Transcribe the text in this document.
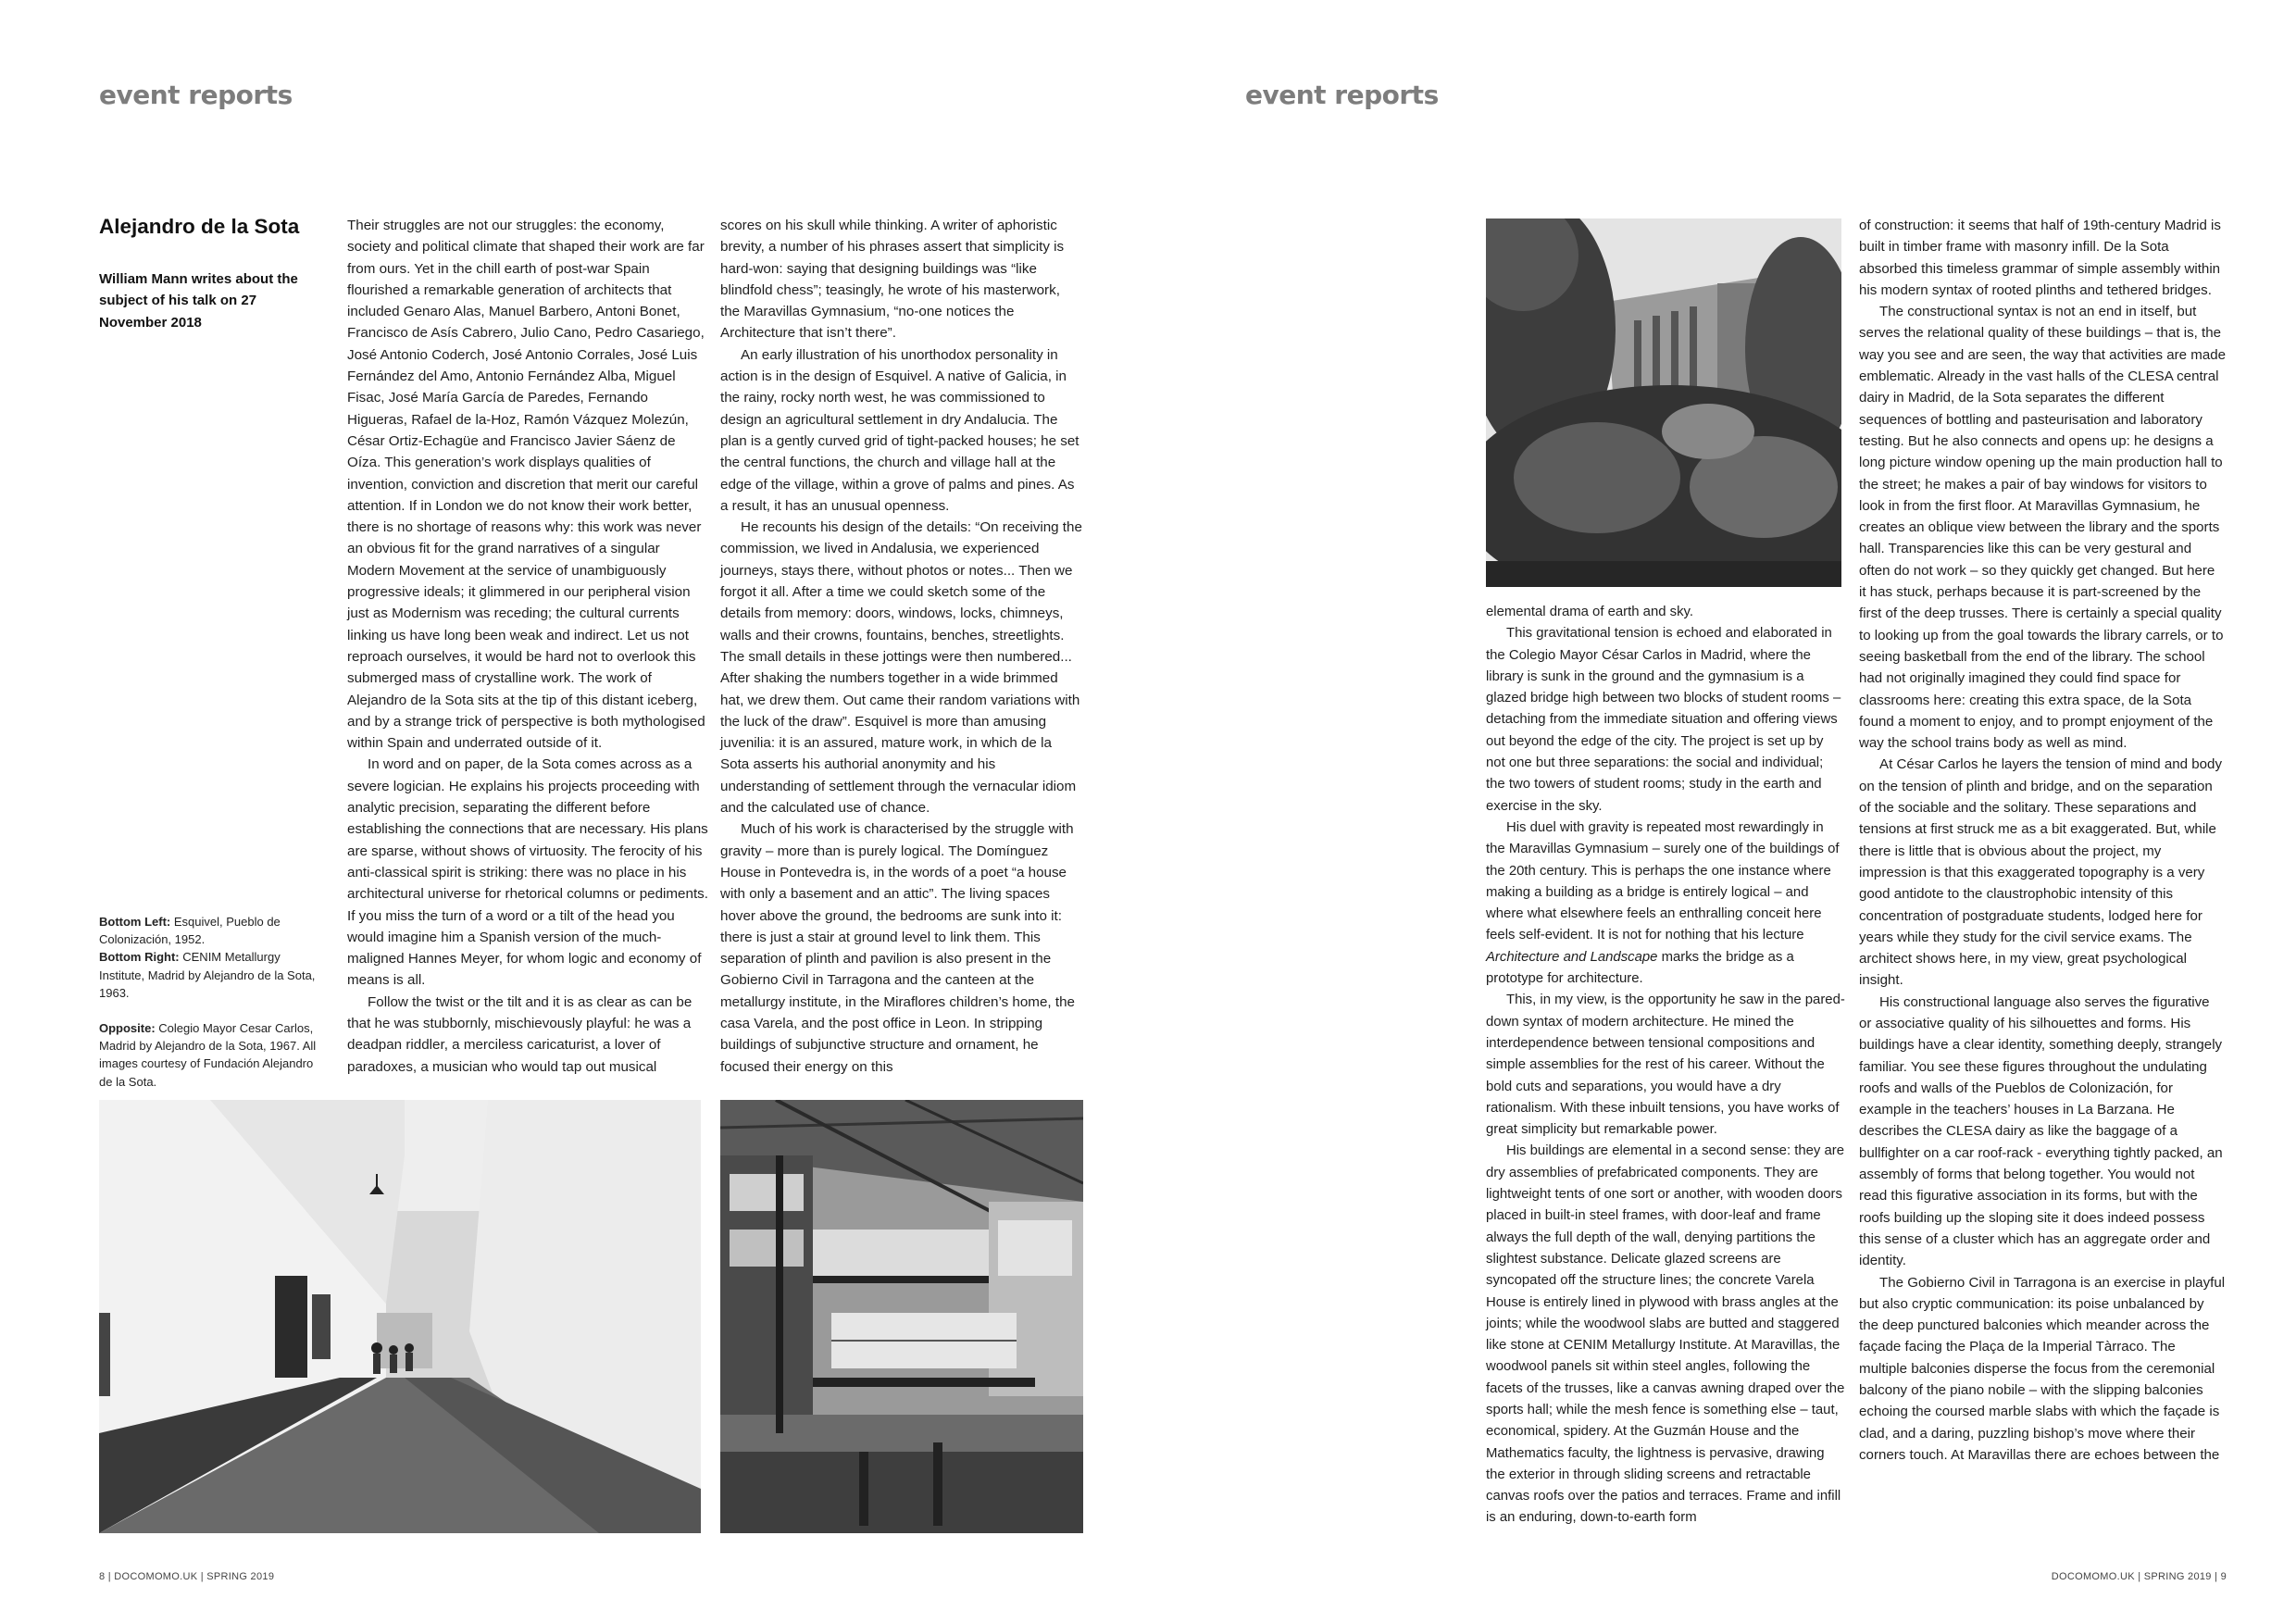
event reports
Alejandro de la Sota
William Mann writes about the subject of his talk on 27 November 2018

Bottom Left: Esquivel, Pueblo de Colonización, 1952.
Bottom Right: CENIM Metallurgy Institute, Madrid by Alejandro de la Sota, 1963.

Opposite: Colegio Mayor Cesar Carlos, Madrid by Alejandro de la Sota, 1967. All images courtesy of Fundación Alejandro de la Sota.

Their struggles are not our struggles: the economy, society and political climate that shaped their work are far from ours. Yet in the chill earth of post-war Spain flourished a remarkable generation of architects that included Genaro Alas, Manuel Barbero, Antoni Bonet, Francisco de Asís Cabrero, Julio Cano, Pedro Casariego, José Antonio Coderch, José Antonio Corrales, José Luis Fernández del Amo, Antonio Fernández Alba, Miguel Fisac, José María García de Paredes, Fernando Higueras, Rafael de la-Hoz, Ramón Vázquez Molezún, César Ortiz-Echagüe and Francisco Javier Sáenz de Oíza. This generation’s work displays qualities of invention, conviction and discretion that merit our careful attention. If in London we do not know their work better, there is no shortage of reasons why: this work was never an obvious fit for the grand narratives of a singular Modern Movement at the service of unambiguously progressive ideals; it glimmered in our peripheral vision just as Modernism was receding; the cultural currents linking us have long been weak and indirect. Let us not reproach ourselves, it would be hard not to overlook this submerged mass of crystalline work. The work of Alejandro de la Sota sits at the tip of this distant iceberg, and by a strange trick of perspective is both mythologised within Spain and underrated outside of it.

In word and on paper, de la Sota comes across as a severe logician. He explains his projects proceeding with analytic precision, separating the different before establishing the connections that are necessary. His plans are sparse, without shows of virtuosity. The ferocity of his anti-classical spirit is striking: there was no place in his architectural universe for rhetorical columns or pediments. If you miss the turn of a word or a tilt of the head you would imagine him a Spanish version of the much-maligned Hannes Meyer, for whom logic and economy of means is all.

Follow the twist or the tilt and it is as clear as can be that he was stubbornly, mischievously playful: he was a deadpan riddler, a merciless caricaturist, a lover of paradoxes, a musician who would tap out musical

scores on his skull while thinking. A writer of aphoristic brevity, a number of his phrases assert that simplicity is hard-won: saying that designing buildings was “like blindfold chess”; teasingly, he wrote of his masterwork, the Maravillas Gymnasium, “no-one notices the Architecture that isn’t there”.

An early illustration of his unorthodox personality in action is in the design of Esquivel. A native of Galicia, in the rainy, rocky north west, he was commissioned to design an agricultural settlement in dry Andalucia. The plan is a gently curved grid of tight-packed houses; he set the central functions, the church and village hall at the edge of the village, within a grove of palms and pines. As a result, it has an unusual openness.

He recounts his design of the details: “On receiving the commission, we lived in Andalusia, we experienced journeys, stays there, without photos or notes... Then we forgot it all. After a time we could sketch some of the details from memory: doors, windows, locks, chimneys, walls and their crowns, fountains, benches, streetlights. The small details in these jottings were then numbered... After shaking the numbers together in a wide brimmed hat, we drew them. Out came their random variations with the luck of the draw”. Esquivel is more than amusing juvenilia: it is an assured, mature work, in which de la Sota asserts his authorial anonymity and his understanding of settlement through the vernacular idiom and the calculated use of chance.

Much of his work is characterised by the struggle with gravity – more than is purely logical. The Domínguez House in Pontevedra is, in the words of a poet “a house with only a basement and an attic”. The living spaces hover above the ground, the bedrooms are sunk into it: there is just a stair at ground level to link them. This separation of plinth and pavilion is also present in the Gobierno Civil in Tarragona and the canteen at the metallurgy institute, in the Miraflores children’s home, the casa Varela, and the post office in Leon. In stripping buildings of subjunctive structure and ornament, he focused their energy on this

8 | DOCOMOMO.UK | SPRING 2019
event reports

elemental drama of earth and sky.

This gravitational tension is echoed and elaborated in the Colegio Mayor César Carlos in Madrid, where the library is sunk in the ground and the gymnasium is a glazed bridge high between two blocks of student rooms – detaching from the immediate situation and offering views out beyond the edge of the city. The project is set up by not one but three separations: the social and individual; the two towers of student rooms; study in the earth and exercise in the sky.

His duel with gravity is repeated most rewardingly in the Maravillas Gymnasium – surely one of the buildings of the 20th century. This is perhaps the one instance where making a building as a bridge is entirely logical – and where what elsewhere feels an enthralling conceit here feels self-evident. It is not for nothing that his lecture Architecture and Landscape marks the bridge as a prototype for architecture.

This, in my view, is the opportunity he saw in the pared-down syntax of modern architecture. He mined the interdependence between tensional compositions and simple assemblies for the rest of his career. Without the bold cuts and separations, you would have a dry rationalism. With these inbuilt tensions, you have works of great simplicity but remarkable power.

His buildings are elemental in a second sense: they are dry assemblies of prefabricated components. They are lightweight tents of one sort or another, with wooden doors placed in built-in steel frames, with door-leaf and frame always the full depth of the wall, denying partitions the slightest substance. Delicate glazed screens are syncopated off the structure lines; the concrete Varela House is entirely lined in plywood with brass angles at the joints; while the woodwool slabs are butted and staggered like stone at CENIM Metallurgy Institute. At Maravillas, the woodwool panels sit within steel angles, following the facets of the trusses, like a canvas awning draped over the sports hall; while the mesh fence is something else – taut, economical, spidery. At the Guzmán House and the Mathematics faculty, the lightness is pervasive, drawing the exterior in through sliding screens and retractable canvas roofs over the patios and terraces. Frame and infill is an enduring, down-to-earth form

of construction: it seems that half of 19th-century Madrid is built in timber frame with masonry infill. De la Sota absorbed this timeless grammar of simple assembly within his modern syntax of rooted plinths and tethered bridges.

The constructional syntax is not an end in itself, but serves the relational quality of these buildings – that is, the way you see and are seen, the way that activities are made emblematic. Already in the vast halls of the CLESA central dairy in Madrid, de la Sota separates the different sequences of bottling and pasteurisation and laboratory testing. But he also connects and opens up: he designs a long picture window opening up the main production hall to the street; he makes a pair of bay windows for visitors to look in from the first floor. At Maravillas Gymnasium, he creates an oblique view between the library and the sports hall. Transparencies like this can be very gestural and often do not work – so they quickly get changed. But here it has stuck, perhaps because it is part-screened by the first of the deep trusses. There is certainly a special quality to looking up from the goal towards the library carrels, or to seeing basketball from the end of the library. The school had not originally imagined they could find space for classrooms here: creating this extra space, de la Sota found a moment to enjoy, and to prompt enjoyment of the way the school trains body as well as mind.

At César Carlos he layers the tension of mind and body on the tension of plinth and bridge, and on the separation of the sociable and the solitary. These separations and tensions at first struck me as a bit exaggerated. But, while there is little that is obvious about the project, my impression is that this exaggerated topography is a very good antidote to the claustrophobic intensity of this concentration of postgraduate students, lodged here for years while they study for the civil service exams. The architect shows here, in my view, great psychological insight.

His constructional language also serves the figurative or associative quality of his silhouettes and forms. His buildings have a clear identity, something deeply, strangely familiar. You see these figures throughout the undulating roofs and walls of the Pueblos de Colonización, for example in the teachers’ houses in La Barzana. He describes the CLESA dairy as like the baggage of a bullfighter on a car roof-rack - everything tightly packed, an assembly of forms that belong together. You would not read this figurative association in its forms, but with the roofs building up the sloping site it does indeed possess this sense of a cluster which has an aggregate order and identity.

The Gobierno Civil in Tarragona is an exercise in playful but also cryptic communication: its poise unbalanced by the deep punctured balconies which meander across the façade facing the Plaça de la Imperial Tàrraco. The multiple balconies disperse the focus from the ceremonial balcony of the piano nobile – with the slipping balconies echoing the coursed marble slabs with which the façade is clad, and a daring, puzzling bishop’s move where their corners touch. At Maravillas there are echoes between the

DOCOMOMO.UK | SPRING 2019 | 9
